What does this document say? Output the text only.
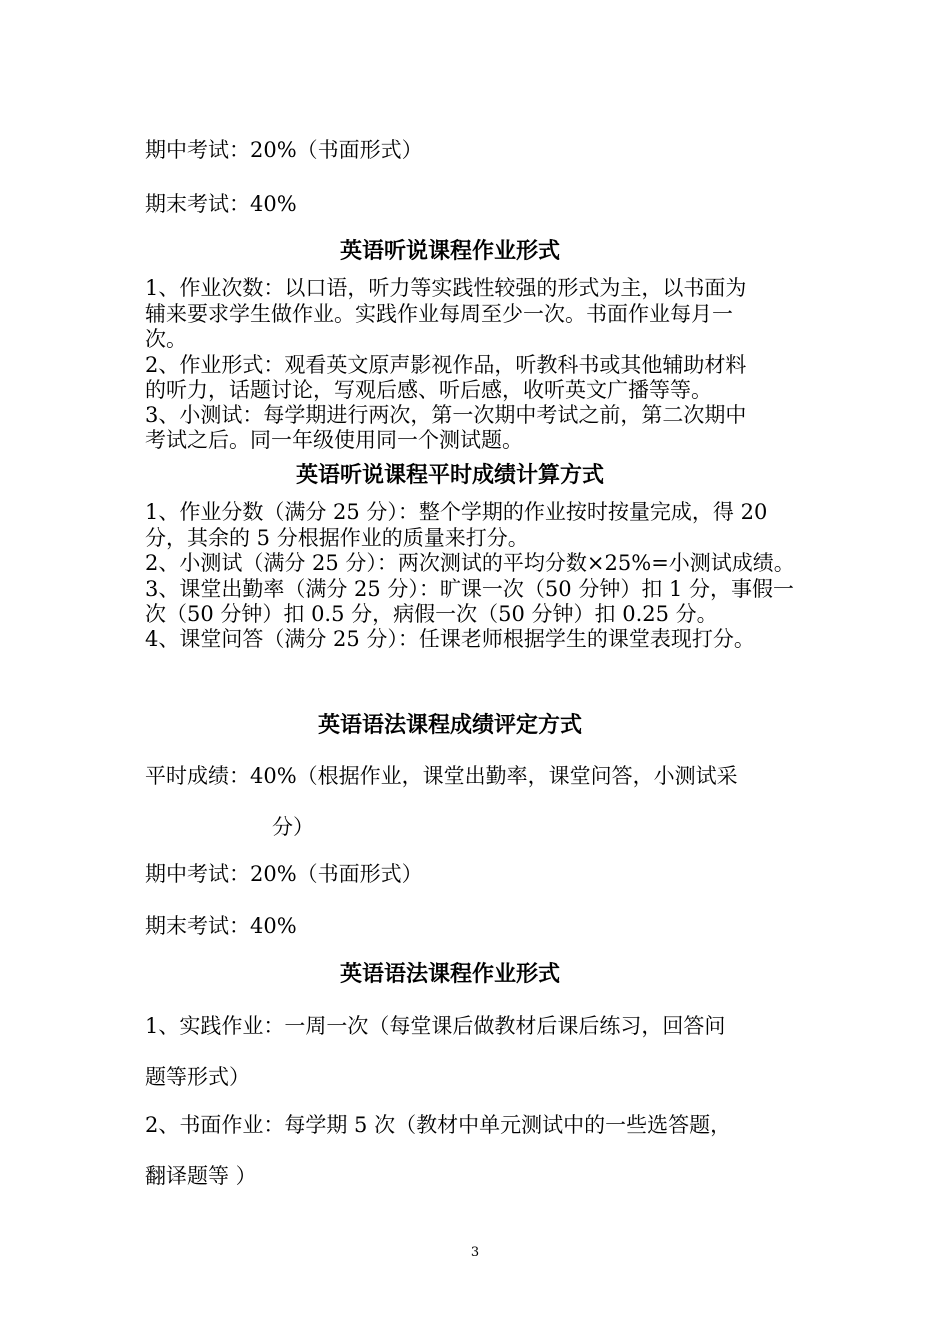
期中考试：20%（书面形式）
期末考试：40%
英语听说课程作业形式
1、作业次数：以口语，听力等实践性较强的形式为主，以书面为
辅来要求学生做作业。实践作业每周至少一次。书面作业每月一
次。
2、作业形式：观看英文原声影视作品，听教科书或其他辅助材料
的听力，话题讨论，写观后感、听后感，收听英文广播等等。
3、小测试：每学期进行两次，第一次期中考试之前，第二次期中
考试之后。同一年级使用同一个测试题。
英语听说课程平时成绩计算方式
1、作业分数（满分 25 分）：整个学期的作业按时按量完成，得 20
分，其余的 5 分根据作业的质量来打分。
2、小测试（满分 25 分）：两次测试的平均分数×25%=小测试成绩。
3、课堂出勤率（满分 25 分）：旷课一次（50 分钟）扣 1 分，事假一
次（50 分钟）扣 0.5 分，病假一次（50 分钟）扣 0.25 分。
4、课堂问答（满分 25 分）：任课老师根据学生的课堂表现打分。
英语语法课程成绩评定方式
平时成绩：40%（根据作业，课堂出勤率，课堂问答，小测试采
分）
期中考试：20%（书面形式）
期末考试：40%
英语语法课程作业形式
1、实践作业：一周一次（每堂课后做教材后课后练习，回答问
题等形式）
2、书面作业：每学期 5 次（教材中单元测试中的一些选答题，
翻译题等 ）
3
